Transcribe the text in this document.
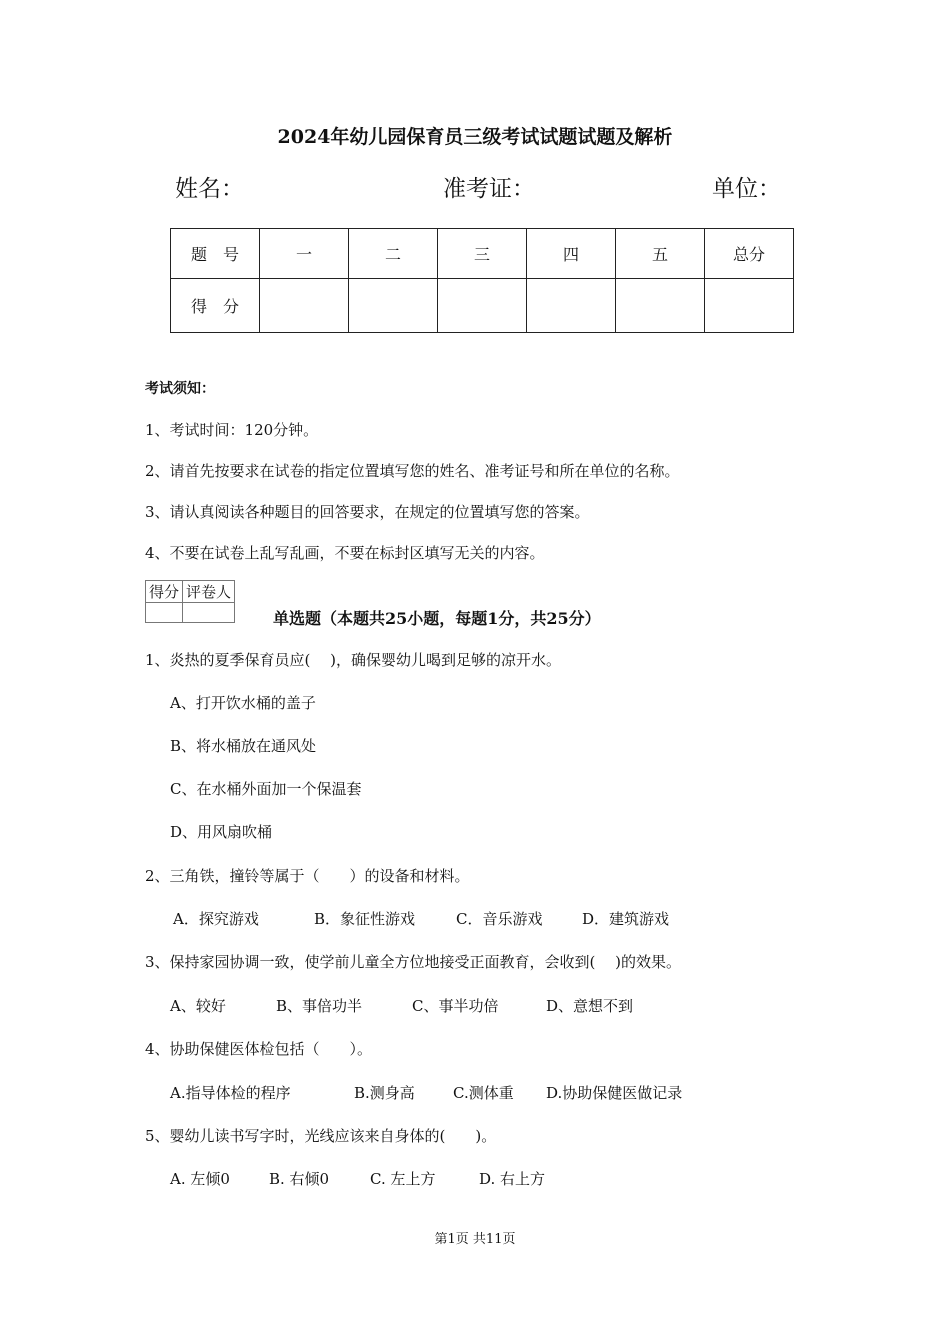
2024年幼儿园保育员三级考试试题试题及解析
姓名：	准考证：	单位：
题　号	一	二	三	四	五	总分
得　分						
考试须知：
1、考试时间：120分钟。
2、请首先按要求在试卷的指定位置填写您的姓名、准考证号和所在单位的名称。
3、请认真阅读各种题目的回答要求，在规定的位置填写您的答案。
4、不要在试卷上乱写乱画，不要在标封区填写无关的内容。
得分	评卷人

单选题（本题共25小题，每题1分，共25分）
1、炎热的夏季保育员应(　 )，确保婴幼儿喝到足够的凉开水。
A、打开饮水桶的盖子
B、将水桶放在通风处
C、在水桶外面加一个保温套
D、用风扇吹桶
2、三角铁，撞铃等属于（　　）的设备和材料。
A．探究游戏	B．象征性游戏	C．音乐游戏	D．建筑游戏
3、保持家园协调一致，使学前儿童全方位地接受正面教育，会收到(　 )的效果。
A、较好	B、事倍功半	C、事半功倍	D、意想不到
4、协助保健医体检包括（　　）。
A.指导体检的程序	B.测身高	C.测体重 D.协助保健医做记录
5、婴幼儿读书写字时，光线应该来自身体的(　　)。
A. 左倾0	B. 右倾0	C. 左上方	D. 右上方
第1页 共11页
